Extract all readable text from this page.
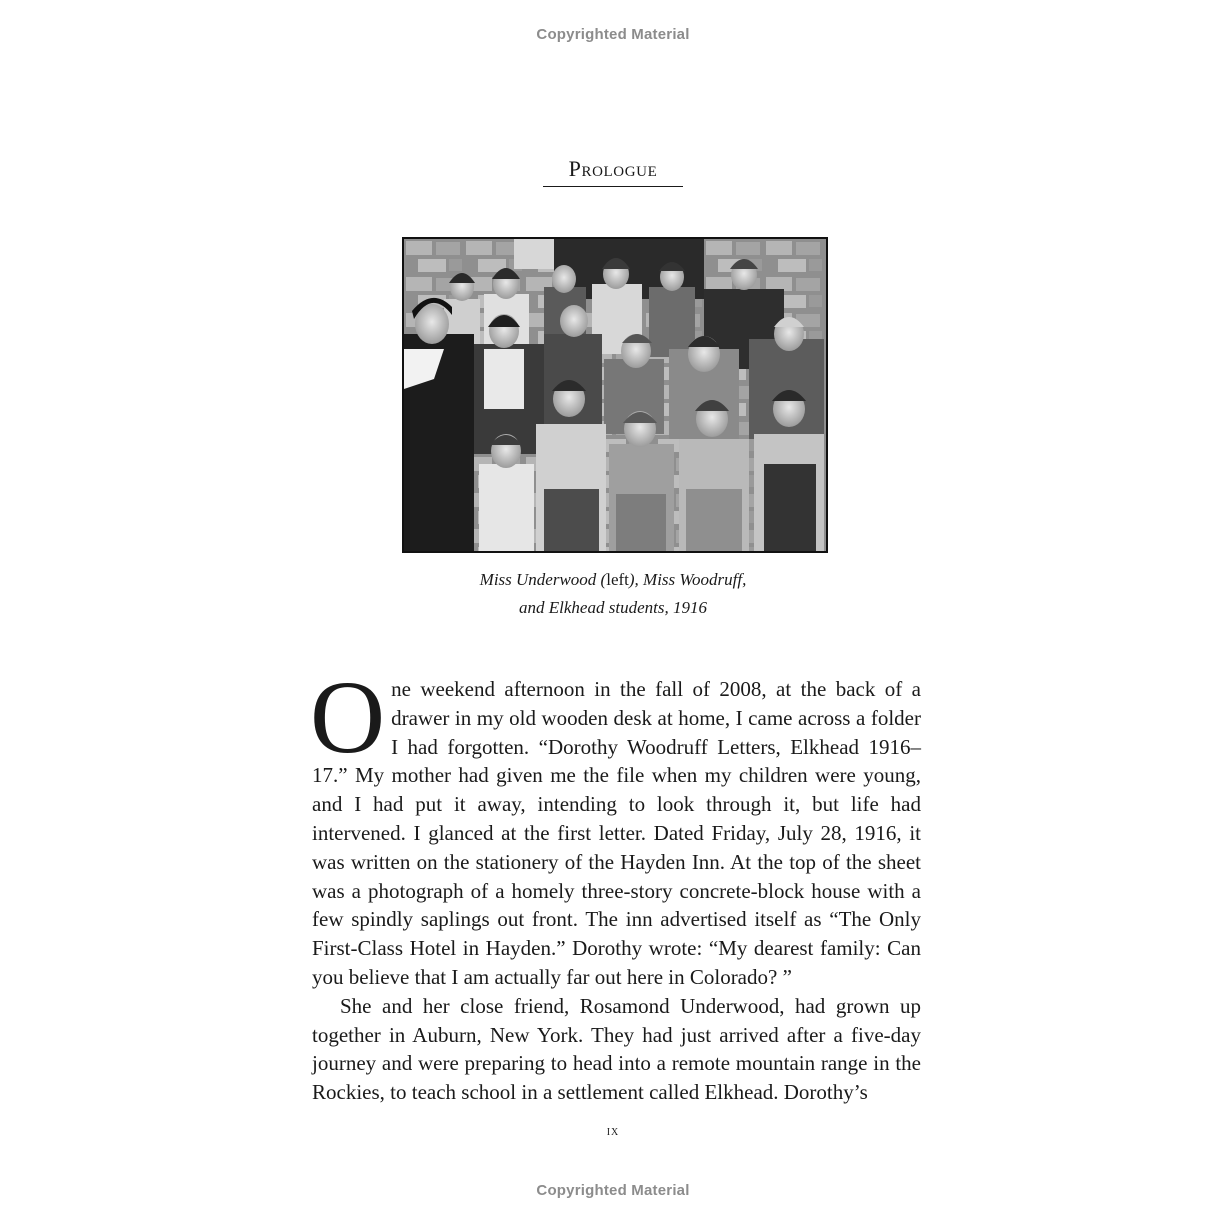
Copyrighted Material
Prologue
Miss Underwood (left), Miss Woodruff,
and Elkhead students, 1916

One weekend afternoon in the fall of 2008, at the back of a drawer in my old wooden desk at home, I came across a folder I had forgotten. “Dorothy Woodruff Letters, Elkhead 1916–17.” My mother had given me the file when my children were young, and I had put it away, intending to look through it, but life had intervened. I glanced at the first letter. Dated Friday, July 28, 1916, it was written on the stationery of the Hayden Inn. At the top of the sheet was a photograph of a homely three-story concrete-block house with a few spindly saplings out front. The inn advertised itself as “The Only First-Class Hotel in Hayden.” Dorothy wrote: “My dearest family: Can you believe that I am actually far out here in Colorado? ”

She and her close friend, Rosamond Underwood, had grown up together in Auburn, New York. They had just arrived after a five-day journey and were preparing to head into a remote mountain range in the Rockies, to teach school in a settlement called Elkhead. Dorothy’s

ix
Copyrighted Material
